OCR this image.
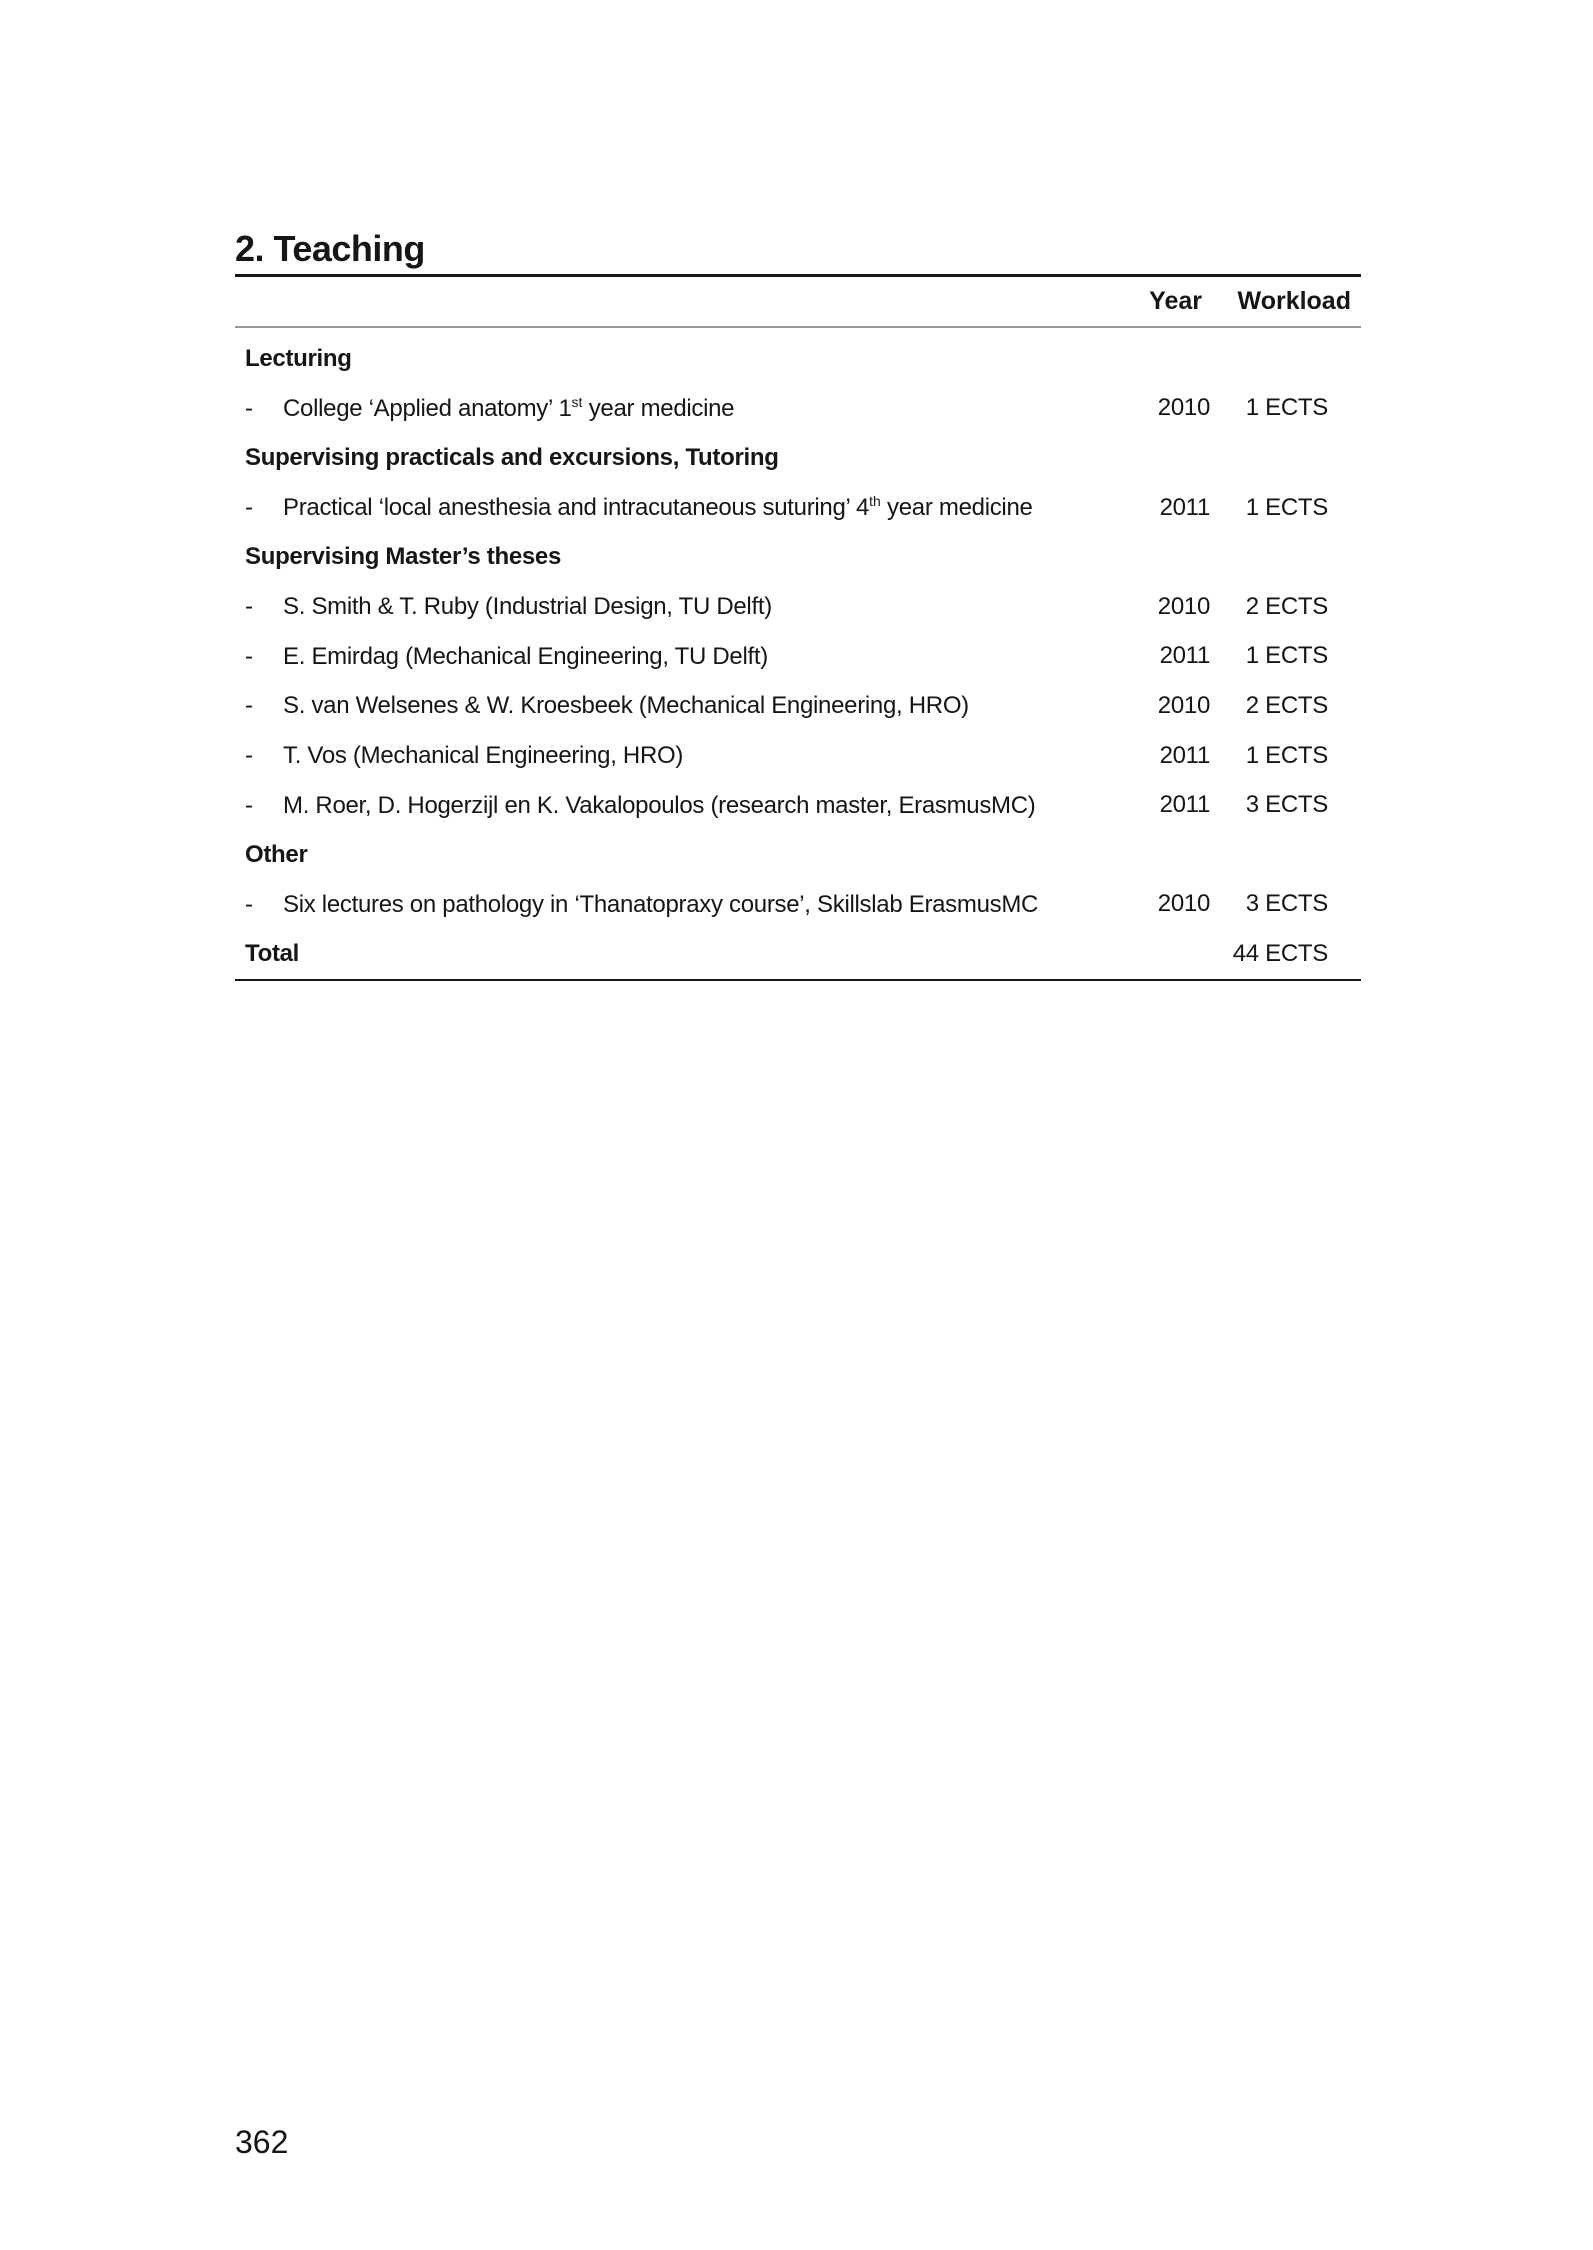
2. Teaching
Year	Workload
Lecturing
- College ‘Applied anatomy’ 1st year medicine	2010	1 ECTS
Supervising practicals and excursions, Tutoring
- Practical ‘local anesthesia and intracutaneous suturing’ 4th year medicine	2011	1 ECTS
Supervising Master’s theses
- S. Smith & T. Ruby (Industrial Design, TU Delft)	2010	2 ECTS
- E. Emirdag (Mechanical Engineering, TU Delft)	2011	1 ECTS
- S. van Welsenes & W. Kroesbeek (Mechanical Engineering, HRO)	2010	2 ECTS
- T. Vos (Mechanical Engineering, HRO)	2011	1 ECTS
- M. Roer, D. Hogerzijl en K. Vakalopoulos (research master, ErasmusMC)	2011	3 ECTS
Other
- Six lectures on pathology in ‘Thanatopraxy course’, Skillslab ErasmusMC	2010	3 ECTS
Total	44 ECTS
362
